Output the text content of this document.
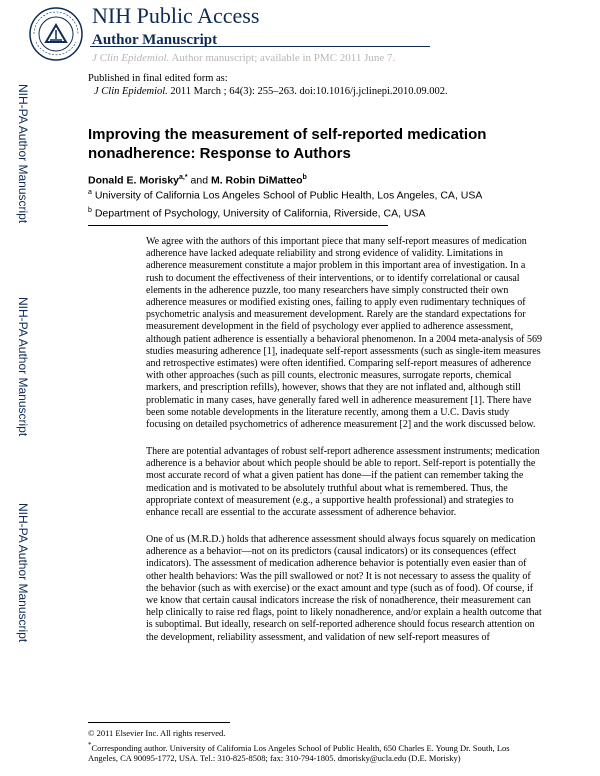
NIH Public Access
Author Manuscript
J Clin Epidemiol. Author manuscript; available in PMC 2011 June 7.
Published in final edited form as:
J Clin Epidemiol. 2011 March ; 64(3): 255–263. doi:10.1016/j.jclinepi.2010.09.002.
NIH-PA Author Manuscript
NIH-PA Author Manuscript
NIH-PA Author Manuscript
Improving the measurement of self-reported medication nonadherence: Response to Authors
Donald E. Morisky$^{a,*}$ and M. Robin DiMatteo$^b$
$^a$ University of California Los Angeles School of Public Health, Los Angeles, CA, USA
$^b$ Department of Psychology, University of California, Riverside, CA, USA

We agree with the authors of this important piece that many self-report measures of medication adherence have lacked adequate reliability and strong evidence of validity. Limitations in adherence measurement constitute a major problem in this important area of investigation. In a rush to document the effectiveness of their interventions, or to identify correlational or causal elements in the adherence puzzle, too many researchers have simply constructed their own adherence measures or modified existing ones, failing to apply even rudimentary techniques of psychometric analysis and measurement development. Rarely are the standard expectations for measurement development in the field of psychology ever applied to adherence assessment, although patient adherence is essentially a behavioral phenomenon. In a 2004 meta-analysis of 569 studies measuring adherence [1], inadequate self-report assessments (such as single-item measures and retrospective estimates) were often identified. Comparing self-report measures of adherence with other approaches (such as pill counts, electronic measures, surrogate reports, chemical markers, and prescription refills), however, shows that they are not inflated and, although still problematic in many cases, have generally fared well in adherence measurement [1]. There have been some notable developments in the literature recently, among them a U.C. Davis study focusing on detailed psychometrics of adherence measurement [2] and the work discussed below.

There are potential advantages of robust self-report adherence assessment instruments; medication adherence is a behavior about which people should be able to report. Self-report is potentially the most accurate record of what a given patient has done—if the patient can remember taking the medication and is motivated to be absolutely truthful about what is remembered. Thus, the appropriate context of measurement (e.g., a supportive health professional) and strategies to enhance recall are essential to the accurate assessment of adherence behavior.

One of us (M.R.D.) holds that adherence assessment should always focus squarely on medication adherence as a behavior—not on its predictors (causal indicators) or its consequences (effect indicators). The assessment of medication adherence behavior is potentially even easier than of other health behaviors: Was the pill swallowed or not? It is not necessary to assess the quality of the behavior (such as with exercise) or the exact amount and type (such as of food). Of course, if we know that certain causal indicators increase the risk of nonadherence, their measurement can help clinically to raise red flags, point to likely nonadherence, and/or explain a health outcome that is suboptimal. But ideally, research on self-reported adherence should focus research attention on the development, reliability assessment, and validation of new self-report measures of

© 2011 Elsevier Inc. All rights reserved.
*Corresponding author. University of California Los Angeles School of Public Health, 650 Charles E. Young Dr. South, Los Angeles, CA 90095-1772, USA. Tel.: 310-825-8508; fax: 310-794-1805. dmorisky@ucla.edu (D.E. Morisky)
